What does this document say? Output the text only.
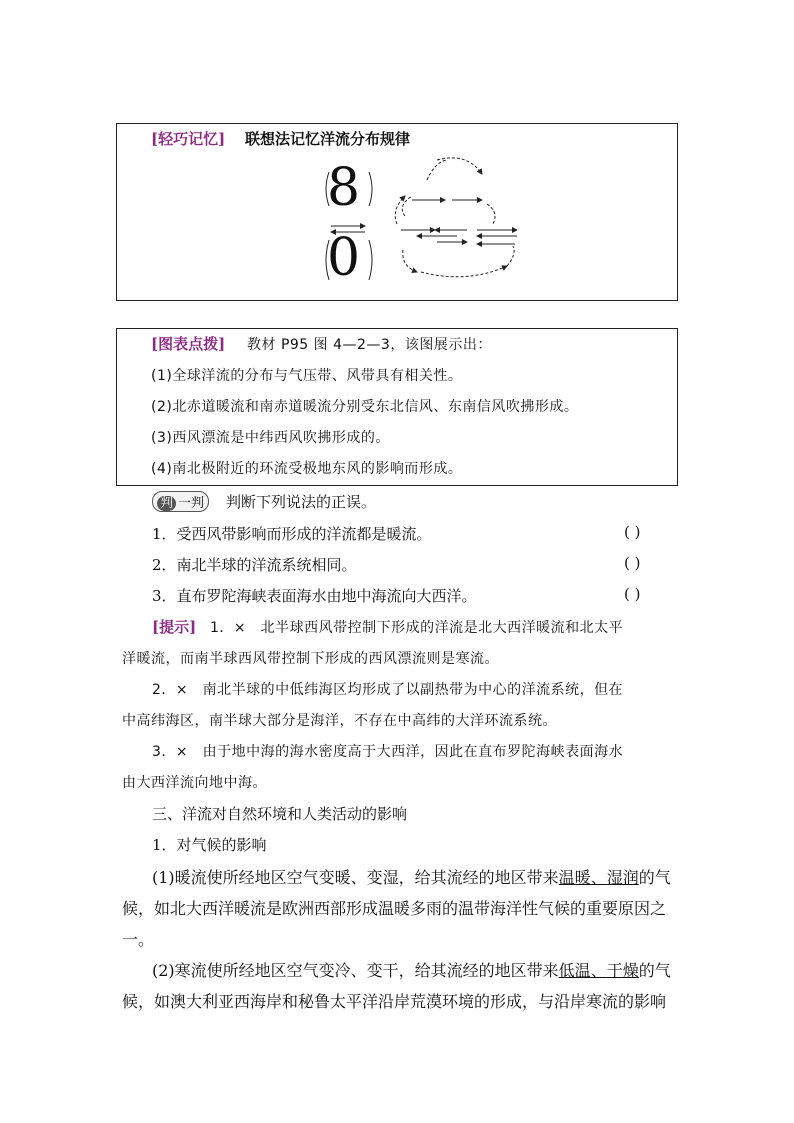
[轻巧记忆] 联想法记忆洋流分布规律
8
0
[图表点拨] 教材 P95 图 4—2—3，该图展示出：
(1)全球洋流的分布与气压带、风带具有相关性。
(2)北赤道暖流和南赤道暖流分别受东北信风、东南信风吹拂形成。
(3)西风漂流是中纬西风吹拂形成的。
(4)南北极附近的环流受极地东风的影响而形成。
判 一判	判断下列说法的正误。
1．受西风带影响而形成的洋流都是暖流。	( )
2．南北半球的洋流系统相同。	( )
3．直布罗陀海峡表面海水由地中海流向大西洋。	( )
[提示] 1．×　北半球西风带控制下形成的洋流是北大西洋暖流和北太平
洋暖流，而南半球西风带控制下形成的西风漂流则是寒流。
2．×　南北半球的中低纬海区均形成了以副热带为中心的洋流系统，但在
中高纬海区，南半球大部分是海洋，不存在中高纬的大洋环流系统。
3．×　由于地中海的海水密度高于大西洋，因此在直布罗陀海峡表面海水
由大西洋流向地中海。
三、洋流对自然环境和人类活动的影响
1．对气候的影响
(1)暖流使所经地区空气变暖、变湿，给其流经的地区带来温暖、湿润的气
候，如北大西洋暖流是欧洲西部形成温暖多雨的温带海洋性气候的重要原因之
一。
(2)寒流使所经地区空气变冷、变干，给其流经的地区带来低温、干燥的气
候，如澳大利亚西海岸和秘鲁太平洋沿岸荒漠环境的形成，与沿岸寒流的影响
